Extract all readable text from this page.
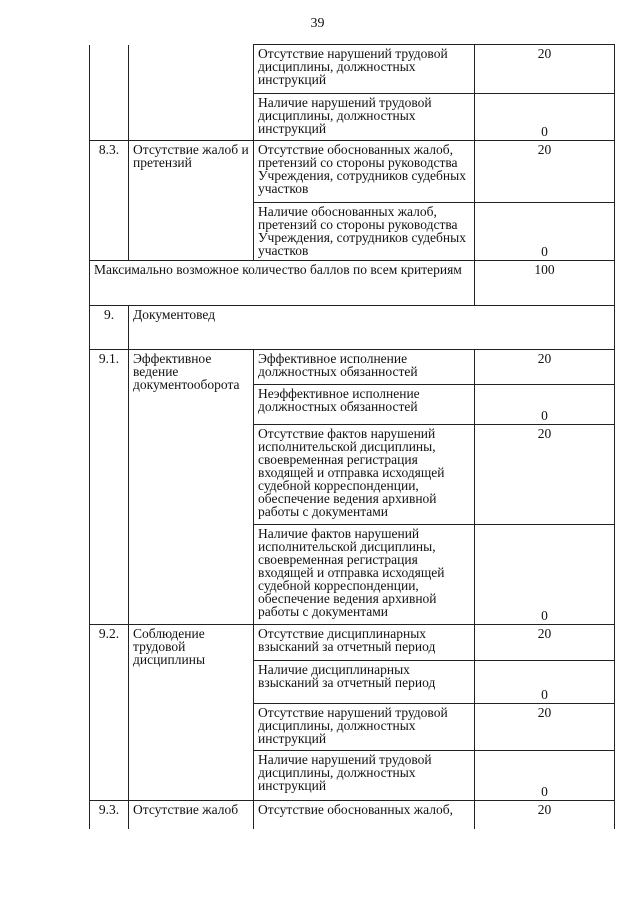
39
		Отсутствие нарушений трудовой дисциплины, должностных инструкций	20

		Наличие нарушений трудовой дисциплины, должностных инструкций	0

8.3.	Отсутствие жалоб и претензий	Отсутствие обоснованных жалоб, претензий со стороны руководства Учреждения, сотрудников судебных участков	20

		Наличие обоснованных жалоб, претензий со стороны руководства Учреждения, сотрудников судебных участков	0

Максимально возможное количество баллов по всем критериям			100

9.	Документовед		
9.1.	Эффективное ведение документооборота	Эффективное исполнение должностных обязанностей	20

		Неэффективное исполнение должностных обязанностей	0

		Отсутствие фактов нарушений исполнительской дисциплины, своевременная регистрация входящей и отправка исходящей судебной корреспонденции, обеспечение ведения архивной работы с документами	20

		Наличие фактов нарушений исполнительской дисциплины, своевременная регистрация входящей и отправка исходящей судебной корреспонденции, обеспечение ведения архивной работы с документами	0

9.2.	Соблюдение трудовой дисциплины	Отсутствие дисциплинарных взысканий за отчетный период	20

		Наличие дисциплинарных взысканий за отчетный период	0

		Отсутствие нарушений трудовой дисциплины, должностных инструкций	20

		Наличие нарушений трудовой дисциплины, должностных инструкций	0

9.3.	Отсутствие жалоб	Отсутствие обоснованных жалоб,	20
